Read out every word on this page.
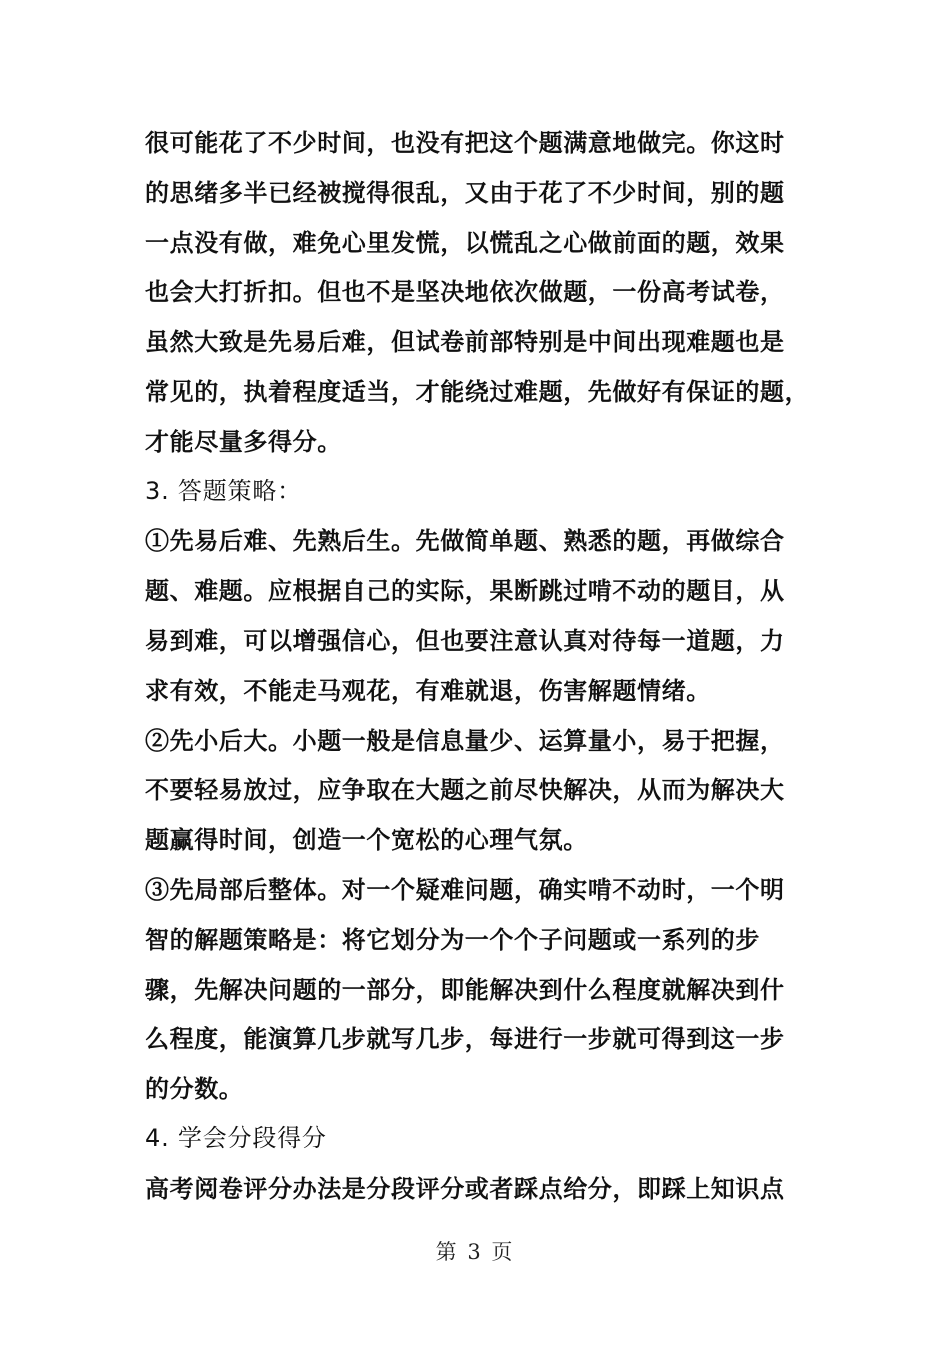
很可能花了不少时间，也没有把这个题满意地做完。你这时
的思绪多半已经被搅得很乱，又由于花了不少时间，别的题
一点没有做，难免心里发慌，以慌乱之心做前面的题，效果
也会大打折扣。但也不是坚决地依次做题，一份高考试卷，
虽然大致是先易后难，但试卷前部特别是中间出现难题也是
常见的，执着程度适当，才能绕过难题，先做好有保证的题，
才能尽量多得分。
3. 答题策略：
①先易后难、先熟后生。先做简单题、熟悉的题，再做综合
题、难题。应根据自己的实际，果断跳过啃不动的题目，从
易到难，可以增强信心，但也要注意认真对待每一道题，力
求有效，不能走马观花，有难就退，伤害解题情绪。
②先小后大。小题一般是信息量少、运算量小，易于把握，
不要轻易放过，应争取在大题之前尽快解决，从而为解决大
题赢得时间，创造一个宽松的心理气氛。
③先局部后整体。对一个疑难问题，确实啃不动时，一个明
智的解题策略是：将它划分为一个个子问题或一系列的步
骤，先解决问题的一部分，即能解决到什么程度就解决到什
么程度，能演算几步就写几步，每进行一步就可得到这一步
的分数。
4. 学会分段得分
高考阅卷评分办法是分段评分或者踩点给分，即踩上知识点
第 3 页
